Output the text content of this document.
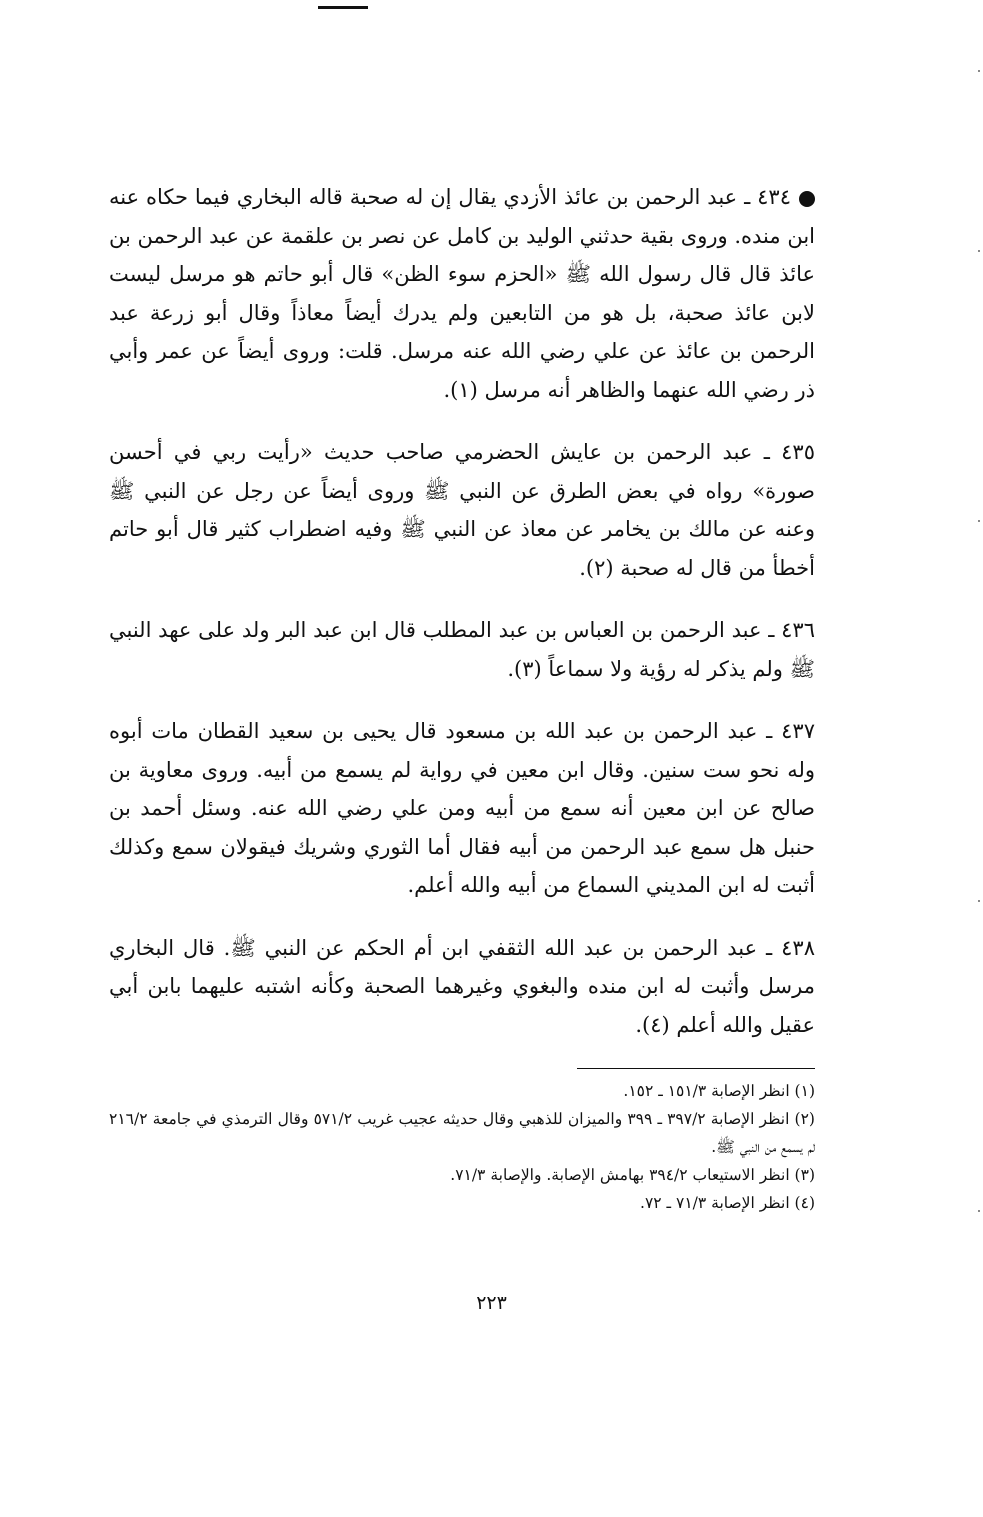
٤٣٤ ـ عبد الرحمن بن عائذ الأزدي يقال إن له صحبة قاله البخاري فيما حكاه عنه ابن منده. وروى بقية حدثني الوليد بن كامل عن نصر بن علقمة عن عبد الرحمن بن عائذ قال قال رسول الله ﷺ «الحزم سوء الظن» قال أبو حاتم هو مرسل ليست لابن عائذ صحبة، بل هو من التابعين ولم يدرك أيضاً معاذاً وقال أبو زرعة عبد الرحمن بن عائذ عن علي رضي الله عنه مرسل. قلت: وروى أيضاً عن عمر وأبي ذر رضي الله عنهما والظاهر أنه مرسل (١).

٤٣٥ ـ عبد الرحمن بن عايش الحضرمي صاحب حديث «رأيت ربي في أحسن صورة» رواه في بعض الطرق عن النبي ﷺ وروى أيضاً عن رجل عن النبي ﷺ وعنه عن مالك بن يخامر عن معاذ عن النبي ﷺ وفيه اضطراب كثير قال أبو حاتم أخطأ من قال له صحبة (٢).

٤٣٦ ـ عبد الرحمن بن العباس بن عبد المطلب قال ابن عبد البر ولد على عهد النبي ﷺ ولم يذكر له رؤية ولا سماعاً (٣).

٤٣٧ ـ عبد الرحمن بن عبد الله بن مسعود قال يحيى بن سعيد القطان مات أبوه وله نحو ست سنين. وقال ابن معين في رواية لم يسمع من أبيه. وروى معاوية بن صالح عن ابن معين أنه سمع من أبيه ومن علي رضي الله عنه. وسئل أحمد بن حنبل هل سمع عبد الرحمن من أبيه فقال أما الثوري وشريك فيقولان سمع وكذلك أثبت له ابن المديني السماع من أبيه والله أعلم.

٤٣٨ ـ عبد الرحمن بن عبد الله الثقفي ابن أم الحكم عن النبي ﷺ. قال البخاري مرسل وأثبت له ابن منده والبغوي وغيرهما الصحبة وكأنه اشتبه عليهما بابن أبي عقيل والله أعلم (٤).

(١) انظر الإصابة ١٥١/٣ ـ ١٥٢.

(٢) انظر الإصابة ٣٩٧/٢ ـ ٣٩٩ والميزان للذهبي وقال حديثه عجيب غريب ٥٧١/٢ وقال الترمذي في جامعة ٢١٦/٢ لم يسمع من النبي ﷺ.

(٣) انظر الاستيعاب ٣٩٤/٢ بهامش الإصابة. والإصابة ٧١/٣.

(٤) انظر الإصابة ٧١/٣ ـ ٧٢.

٢٢٣
